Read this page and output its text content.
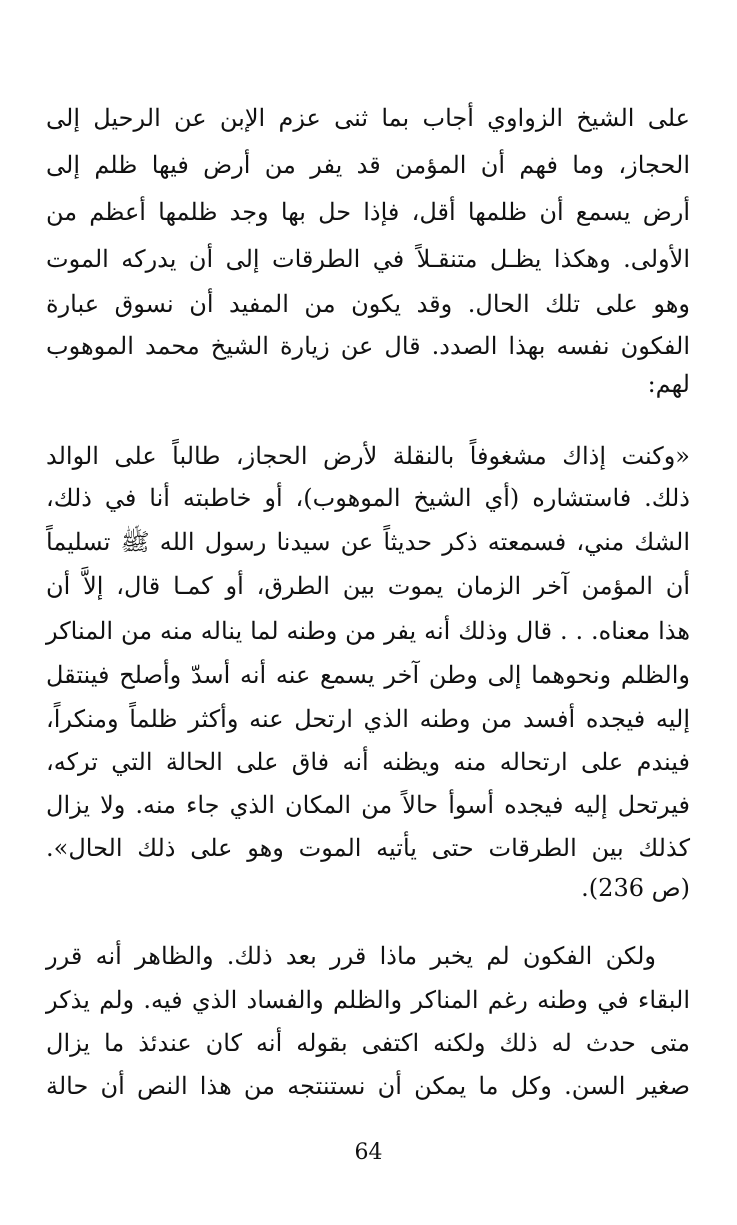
على الشيخ الزواوي أجاب بما ثنى عزم الإبن عن الرحيل إلى
الحجاز، وما فهم أن المؤمن قد يفر من أرض فيها ظلم إلى
أرض يسمع أن ظلمها أقل، فإذا حل بها وجد ظلمها أعظم من
الأولى. وهكذا يظـل متنقـلاً في الطرقات إلى أن يدركه الموت
وهو على تلك الحال. وقد يكون من المفيد أن نسوق عبارة
الفكون نفسه بهذا الصدد. قال عن زيارة الشيخ محمد الموهوب
لهم:
«وكنت إذاك مشغوفاً بالنقلة لأرض الحجاز، طالباً على الوالد
ذلك. فاستشاره (أي الشيخ الموهوب)، أو خاطبته أنا في ذلك،
الشك مني، فسمعته ذكر حديثاً عن سيدنا رسول الله ﷺ تسليماً
أن المؤمن آخر الزمان يموت بين الطرق، أو كمـا قال، إلاَّ أن
هذا معناه. . . قال وذلك أنه يفر من وطنه لما يناله منه من المناكر
والظلم ونحوهما إلى وطن آخر يسمع عنه أنه أسدّ وأصلح فينتقل
إليه فيجده أفسد من وطنه الذي ارتحل عنه وأكثر ظلماً ومنكراً،
فيندم على ارتحاله منه ويظنه أنه فاق على الحالة التي تركه،
فيرتحل إليه فيجده أسوأ حالاً من المكان الذي جاء منه. ولا يزال
كذلك بين الطرقات حتى يأتيه الموت وهو على ذلك الحال».
(ص 236).
ولكن الفكون لم يخبر ماذا قرر بعد ذلك. والظاهر أنه قرر
البقاء في وطنه رغم المناكر والظلم والفساد الذي فيه. ولم يذكر
متى حدث له ذلك ولكنه اكتفى بقوله أنه كان عندئذ ما يزال
صغير السن. وكل ما يمكن أن نستنتجه من هذا النص أن حالة
64
